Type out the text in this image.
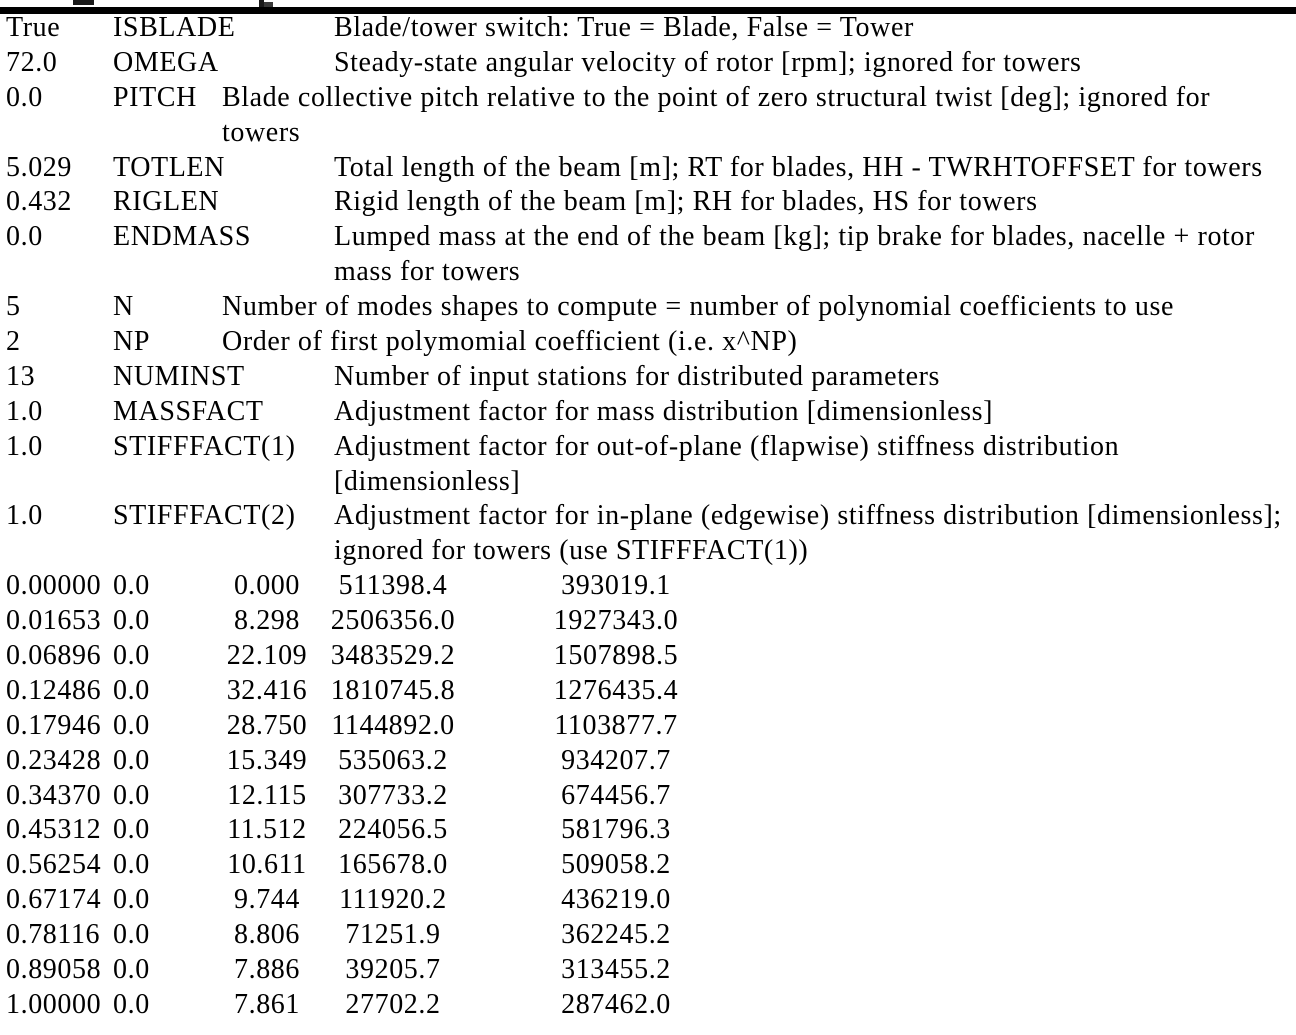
True ISBLADE	Blade/tower switch: True = Blade, False = Tower
72.0 OMEGA	Steady-state angular velocity of rotor [rpm]; ignored for towers
0.0	PITCH Blade collective pitch relative to the point of zero structural twist [deg]; ignored for
towers
5.029 TOTLEN	Total length of the beam [m]; RT for blades, HH - TWRHTOFFSET for towers
0.432 RIGLEN	Rigid length of the beam [m]; RH for blades, HS for towers
0.0	ENDMASS	Lumped mass at the end of the beam [kg]; tip brake for blades, nacelle + rotor
mass for towers
5	N	Number of modes shapes to compute = number of polynomial coefficients to use
2	NP	Order of first polymomial coefficient (i.e. x^NP)
13	NUMINST	Number of input stations for distributed parameters
1.0	MASSFACT	Adjustment factor for mass distribution [dimensionless]
1.0	STIFFFACT(1) Adjustment factor for out-of-plane (flapwise) stiffness distribution
[dimensionless]
1.0	STIFFFACT(2) Adjustment factor for in-plane (edgewise) stiffness distribution [dimensionless];
ignored for towers (use STIFFFACT(1))
0.00000 0.0	0.000	511398.4	393019.1
0.01653 0.0	8.298	2506356.0	1927343.0
0.06896 0.0	22.109 3483529.2	1507898.5
0.12486 0.0	32.416 1810745.8	1276435.4
0.17946 0.0	28.750 1144892.0	1103877.7
0.23428 0.0	15.349	535063.2	934207.7
0.34370 0.0	12.115	307733.2	674456.7
0.45312 0.0	11.512	224056.5	581796.3
0.56254 0.0	10.611	165678.0	509058.2
0.67174 0.0	9.744	111920.2	436219.0
0.78116 0.0	8.806	71251.9	362245.2
0.89058 0.0	7.886	39205.7	313455.2
1.00000 0.0	7.861	27702.2	287462.0
